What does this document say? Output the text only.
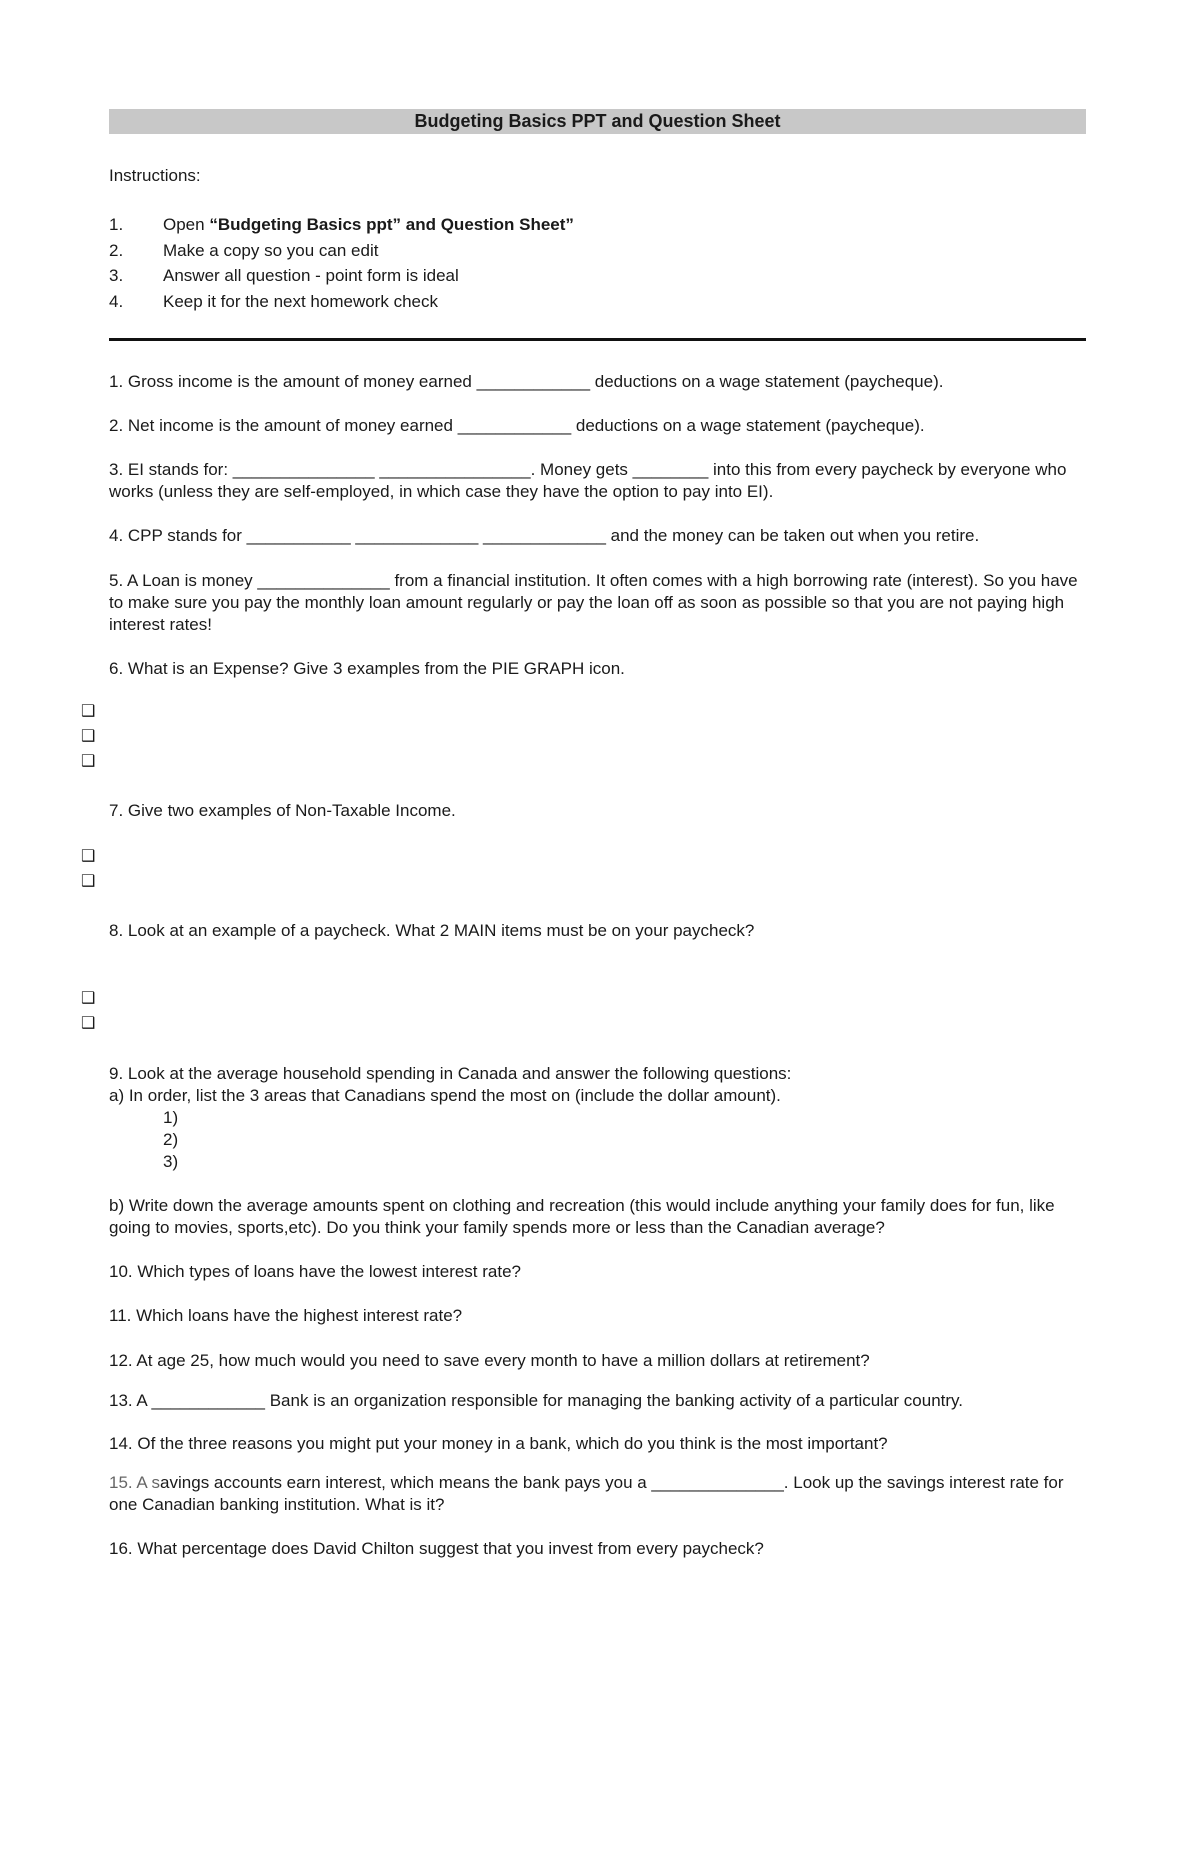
Budgeting Basics PPT and Question Sheet
Instructions:
1.	Open “Budgeting Basics ppt” and Question Sheet”
2.	Make a copy so you can edit
3.	Answer all question - point form is ideal
4.	Keep it for the next homework check
1. Gross income is the amount of money earned ____________ deductions on a wage statement (paycheque).
2. Net income is the amount of money earned ____________ deductions on a wage statement (paycheque).
3. EI stands for: _______________ ________________. Money gets ________ into this from every paycheck by everyone who works (unless they are self-employed, in which case they have the option to pay into EI).
4. CPP stands for ___________ _____________ _____________ and the money can be taken out when you retire.
5. A Loan is money ______________ from a financial institution. It often comes with a high borrowing rate (interest). So you have to make sure you pay the monthly loan amount regularly or pay the loan off as soon as possible so that you are not paying high interest rates!
6. What is an Expense? Give 3 examples from the PIE GRAPH icon.
❑
❑
❑
7. Give two examples of Non-Taxable Income.
❑
❑
8. Look at an example of a paycheck. What 2 MAIN items must be on your paycheck?
❑
❑
9. Look at the average household spending in Canada and answer the following questions:
a) In order, list the 3 areas that Canadians spend the most on (include the dollar amount).
1)
2)
3)
b) Write down the average amounts spent on clothing and recreation (this would include anything your family does for fun, like going to movies, sports,etc). Do you think your family spends more or less than the Canadian average?
10. Which types of loans have the lowest interest rate?
11. Which loans have the highest interest rate?
12. At age 25, how much would you need to save every month to have a million dollars at retirement?
13. A ____________ Bank is an organization responsible for managing the banking activity of a particular country.
14. Of the three reasons you might put your money in a bank, which do you think is the most important?
15. A savings accounts earn interest, which means the bank pays you a ______________. Look up the savings interest rate for one Canadian banking institution. What is it?
16. What percentage does David Chilton suggest that you invest from every paycheck?
